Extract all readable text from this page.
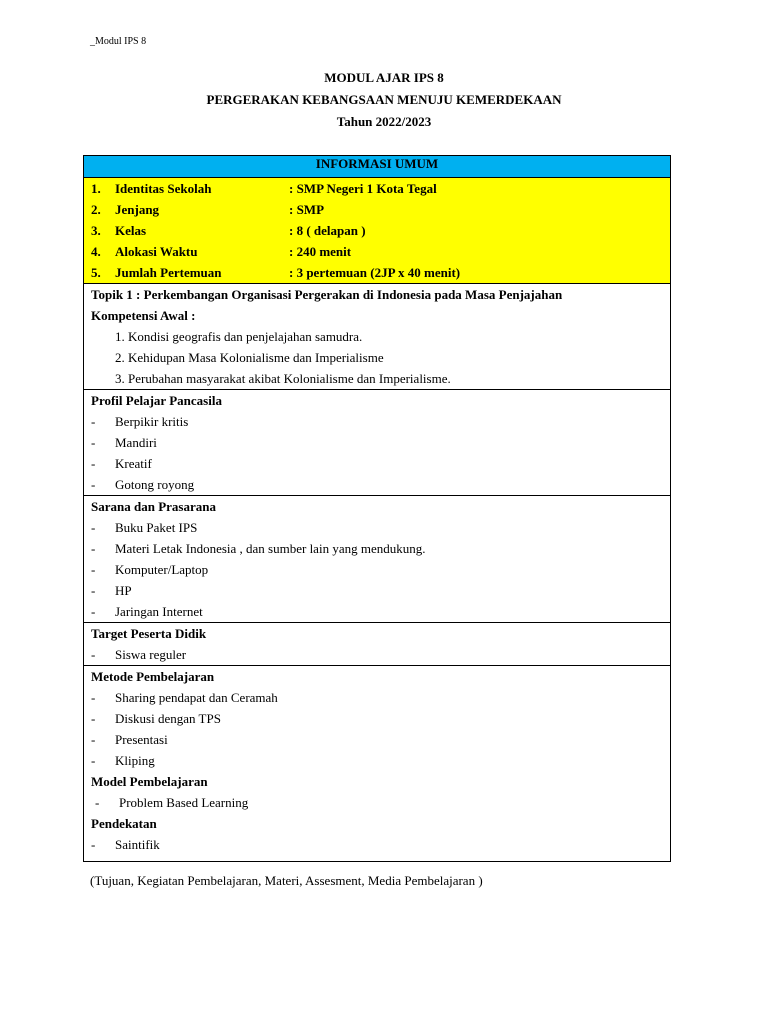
_Modul IPS 8
MODUL AJAR IPS 8
PERGERAKAN KEBANGSAAN MENUJU KEMERDEKAAN
Tahun 2022/2023
INFORMASI UMUM
1.	Identitas Sekolah	: SMP Negeri 1 Kota Tegal
2.	Jenjang	: SMP
3.	Kelas	: 8 ( delapan )
4.	Alokasi Waktu	: 240 menit
5.	Jumlah Pertemuan	: 3 pertemuan (2JP x 40 menit)
Topik 1 : Perkembangan Organisasi Pergerakan di Indonesia pada Masa Penjajahan
Kompetensi Awal :
1. Kondisi geografis dan penjelajahan samudra.
2. Kehidupan Masa Kolonialisme dan Imperialisme
3. Perubahan masyarakat akibat Kolonialisme dan Imperialisme.
Profil Pelajar Pancasila
-	Berpikir kritis
-	Mandiri
-	Kreatif
-	Gotong royong
Sarana dan Prasarana
-	Buku Paket IPS
-	Materi Letak Indonesia , dan sumber lain yang mendukung.
-	Komputer/Laptop
-	HP
-	Jaringan Internet
Target Peserta Didik
-	Siswa reguler
Metode Pembelajaran
-	Sharing pendapat dan Ceramah
-	Diskusi dengan TPS
-	Presentasi
-	Kliping
Model Pembelajaran
-	Problem Based Learning
Pendekatan
-	Saintifik
(Tujuan, Kegiatan Pembelajaran, Materi, Assesment, Media Pembelajaran )
